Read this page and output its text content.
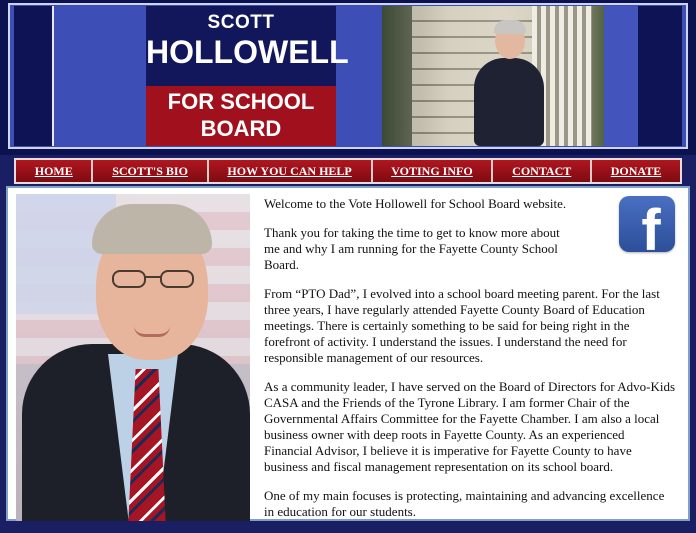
SCOTT
HOLLOWELL
FOR SCHOOL
BOARD
HOME	SCOTT'S BIO	HOW YOU CAN HELP	VOTING INFO	CONTACT	DONATE
f

Welcome to the Vote Hollowell for School Board website.

Thank you for taking the time to get to know more about me and why I am running for the Fayette County School Board.

From “PTO Dad”, I evolved into a school board meeting parent. For the last three years, I have regularly attended Fayette County Board of Education meetings. There is certainly something to be said for being right in the forefront of activity. I understand the issues. I understand the need for responsible management of our resources.

As a community leader, I have served on the Board of Directors for Advo-Kids CASA and the Friends of the Tyrone Library. I am former Chair of the Governmental Affairs Committee for the Fayette Chamber. I am also a local business owner with deep roots in Fayette County. As an experienced Financial Advisor, I believe it is imperative for Fayette County to have business and fiscal management representation on its school board.

One of my main focuses is protecting, maintaining and advancing excellence in education for our students.
